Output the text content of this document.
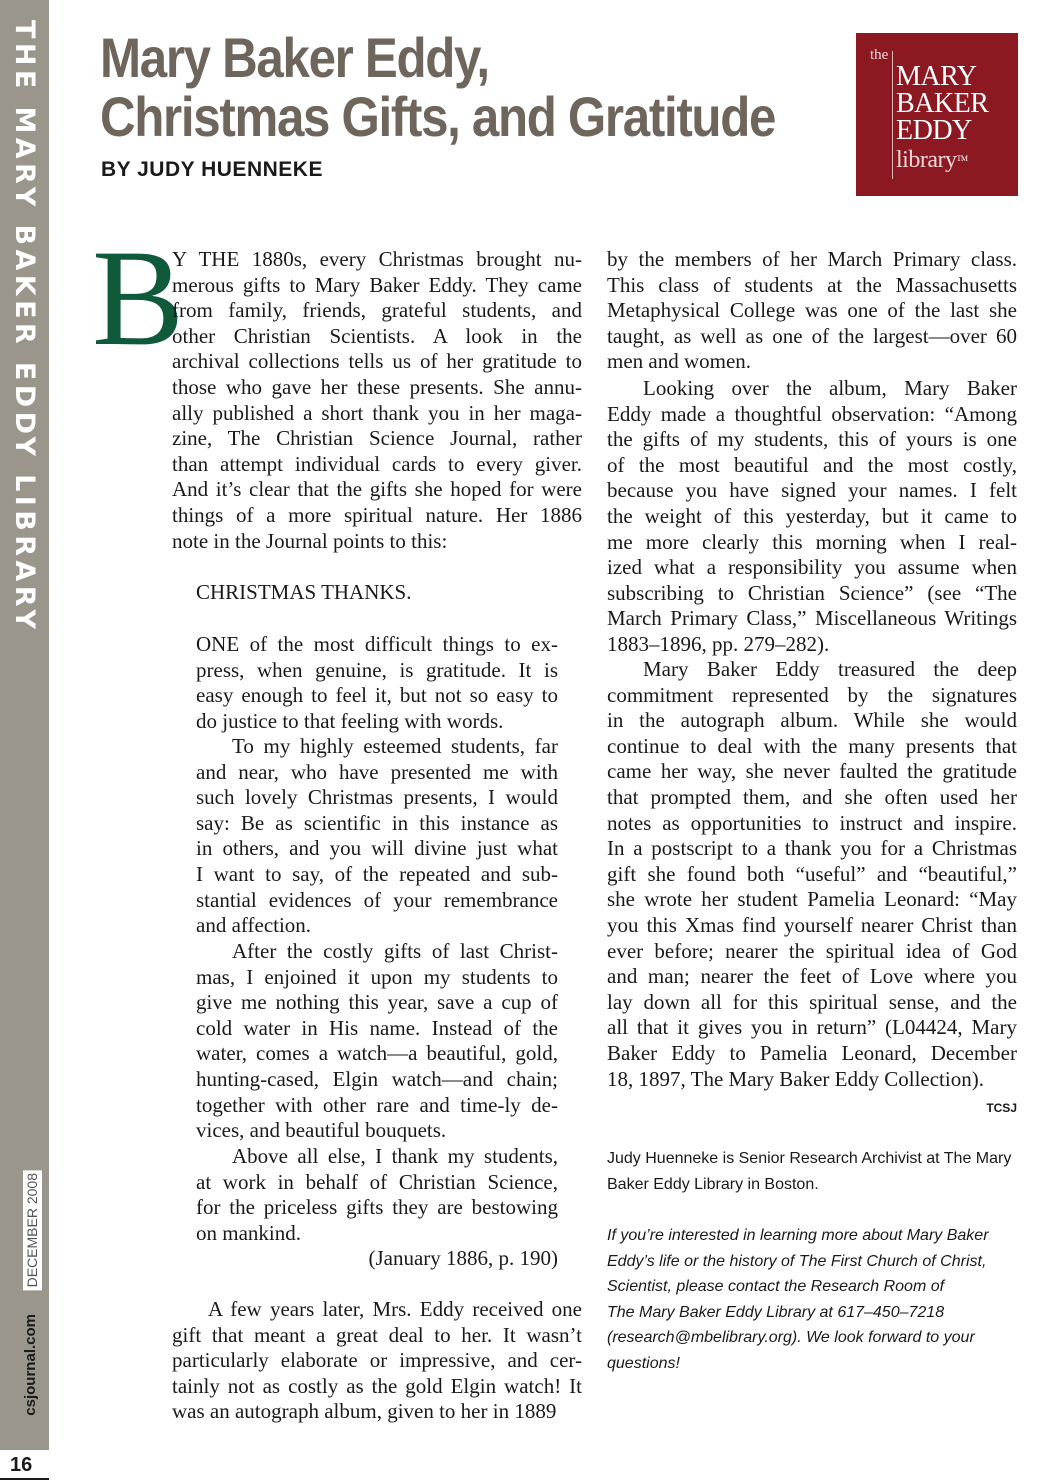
THE MARY BAKER EDDY LIBRARY
DECEMBER 2008
csjournal.com
16
Mary Baker Eddy,
Christmas Gifts, and Gratitude
BY JUDY HUENNEKE
the
MARY
BAKER
EDDY
library™
B
Y THE 1880s, every Christmas brought nu-
merous gifts to Mary Baker Eddy. They came
from family, friends, grateful students, and
other Christian Scientists. A look in the
archival collections tells us of her gratitude to
those who gave her these presents. She annu-
ally published a short thank you in her maga-
zine, The Christian Science Journal, rather
than attempt individual cards to every giver.
And it’s clear that the gifts she hoped for were
things of a more spiritual nature. Her 1886
note in the Journal points to this:

CHRISTMAS THANKS.

ONE of the most difficult things to ex-
press, when genuine, is gratitude. It is
easy enough to feel it, but not so easy to
do justice to that feeling with words.
To my highly esteemed students, far
and near, who have presented me with
such lovely Christmas presents, I would
say: Be as scientific in this instance as
in others, and you will divine just what
I want to say, of the repeated and sub-
stantial evidences of your remembrance
and affection.
After the costly gifts of last Christ-
mas, I enjoined it upon my students to
give me nothing this year, save a cup of
cold water in His name. Instead of the
water, comes a watch—a beautiful, gold,
hunting-cased, Elgin watch—and chain;
together with other rare and time-ly de-
vices, and beautiful bouquets.
Above all else, I thank my students,
at work in behalf of Christian Science,
for the priceless gifts they are bestowing
on mankind.

(January 1886, p. 190)

A few years later, Mrs. Eddy received one
gift that meant a great deal to her. It wasn’t
particularly elaborate or impressive, and cer-
tainly not as costly as the gold Elgin watch! It
was an autograph album, given to her in 1889
by the members of her March Primary class.
This class of students at the Massachusetts
Metaphysical College was one of the last she
taught, as well as one of the largest—over 60
men and women.
Looking over the album, Mary Baker
Eddy made a thoughtful observation: “Among
the gifts of my students, this of yours is one
of the most beautiful and the most costly,
because you have signed your names. I felt
the weight of this yesterday, but it came to
me more clearly this morning when I real-
ized what a responsibility you assume when
subscribing to Christian Science” (see “The
March Primary Class,” Miscellaneous Writings
1883–1896, pp. 279–282).
Mary Baker Eddy treasured the deep
commitment represented by the signatures
in the autograph album. While she would
continue to deal with the many presents that
came her way, she never faulted the gratitude
that prompted them, and she often used her
notes as opportunities to instruct and inspire.
In a postscript to a thank you for a Christmas
gift she found both “useful” and “beautiful,”
she wrote her student Pamelia Leonard: “May
you this Xmas find yourself nearer Christ than
ever before; nearer the spiritual idea of God
and man; nearer the feet of Love where you
lay down all for this spiritual sense, and the
all that it gives you in return” (L04424, Mary
Baker Eddy to Pamelia Leonard, December
18, 1897, The Mary Baker Eddy Collection).
TCSJ

Judy Huenneke is Senior Research Archivist at The Mary
Baker Eddy Library in Boston.

If you’re interested in learning more about Mary Baker
Eddy’s life or the history of The First Church of Christ,
Scientist, please contact the Research Room of
The Mary Baker Eddy Library at 617–450–7218
(research@mbelibrary.org). We look forward to your
questions!
